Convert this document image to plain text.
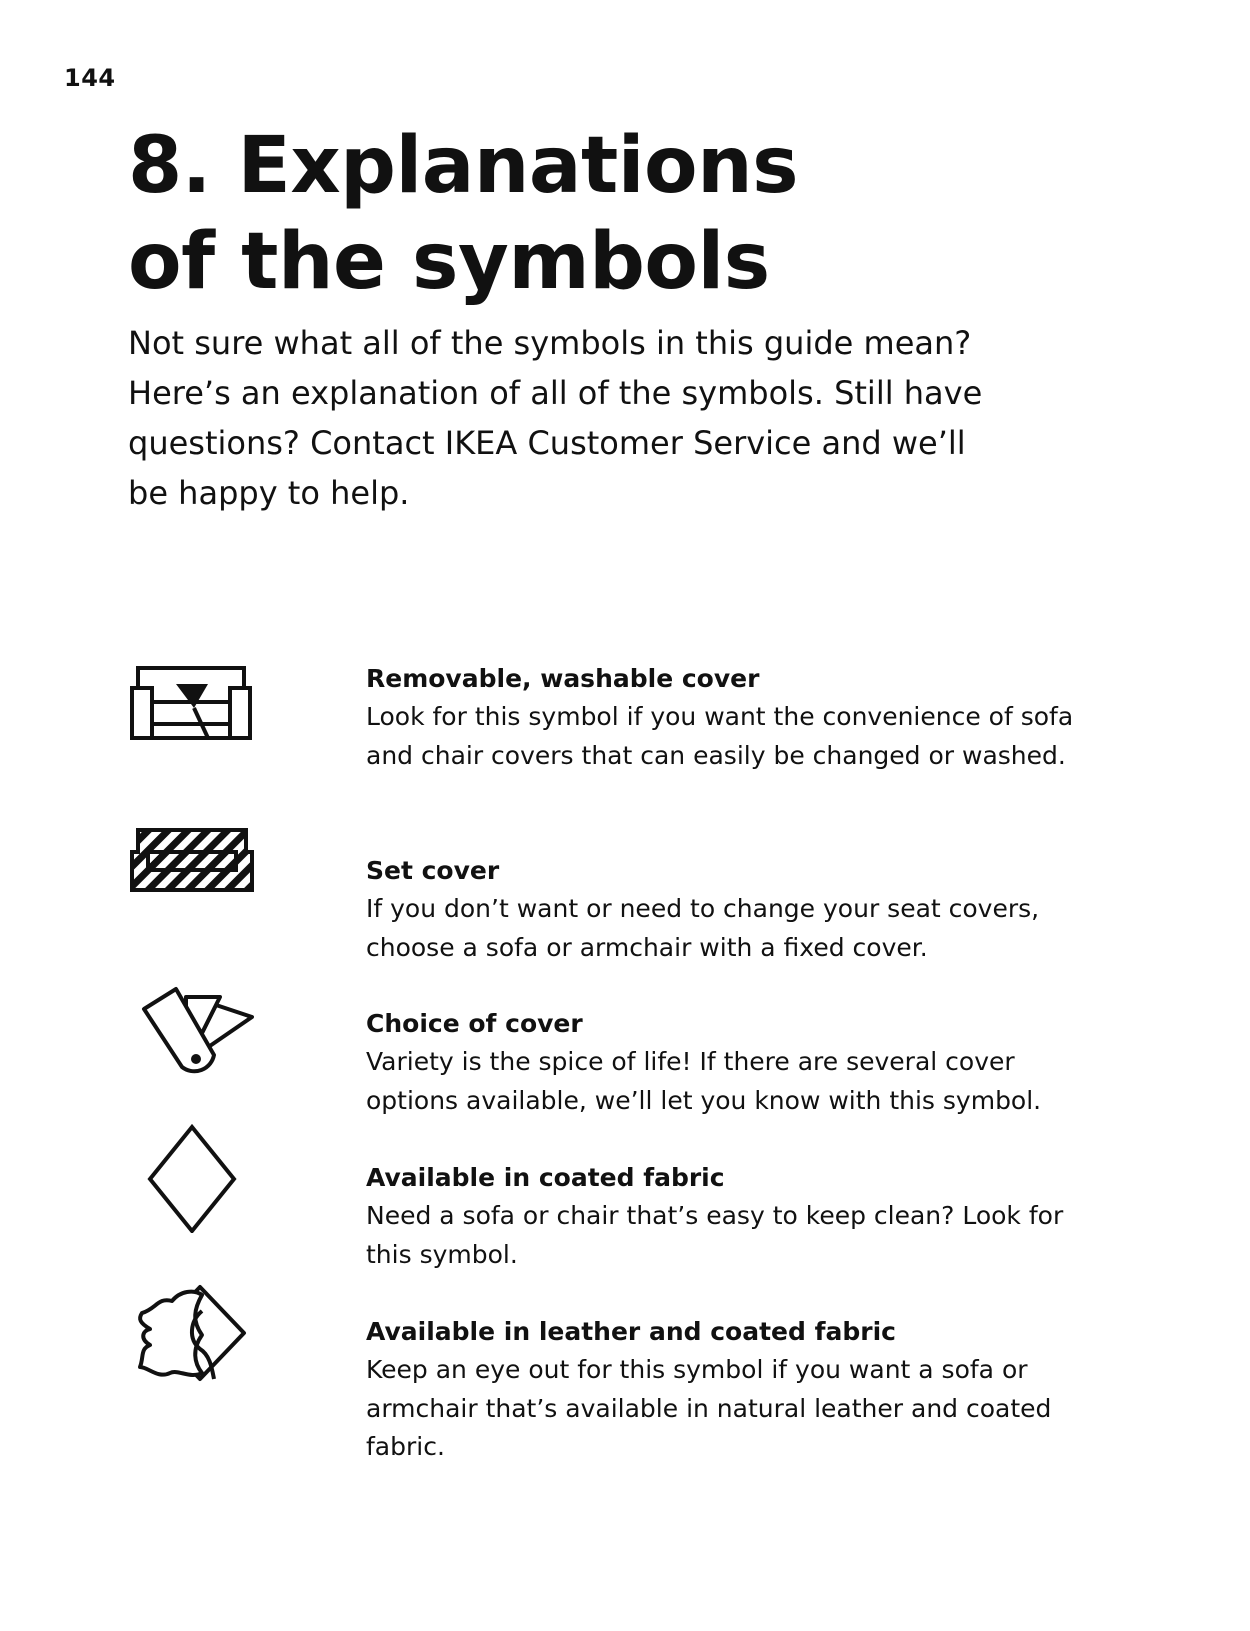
144
8. Explanations
of the symbols

Not sure what all of the symbols in this guide mean? Here’s an explanation of all of the symbols. Still have questions? Contact IKEA Customer Service and we’ll be happy to help.

Removable, washable cover

Look for this symbol if you want the convenience of sofa and chair covers that can easily be changed or washed.

Set cover

If you don’t want or need to change your seat covers, choose a sofa or armchair with a fixed cover.

Choice of cover

Variety is the spice of life! If there are several cover options available, we’ll let you know with this symbol.

Available in coated fabric

Need a sofa or chair that’s easy to keep clean? Look for this symbol.

Available in leather and coated fabric

Keep an eye out for this symbol if you want a sofa or armchair that’s available in natural leather and coated fabric.
